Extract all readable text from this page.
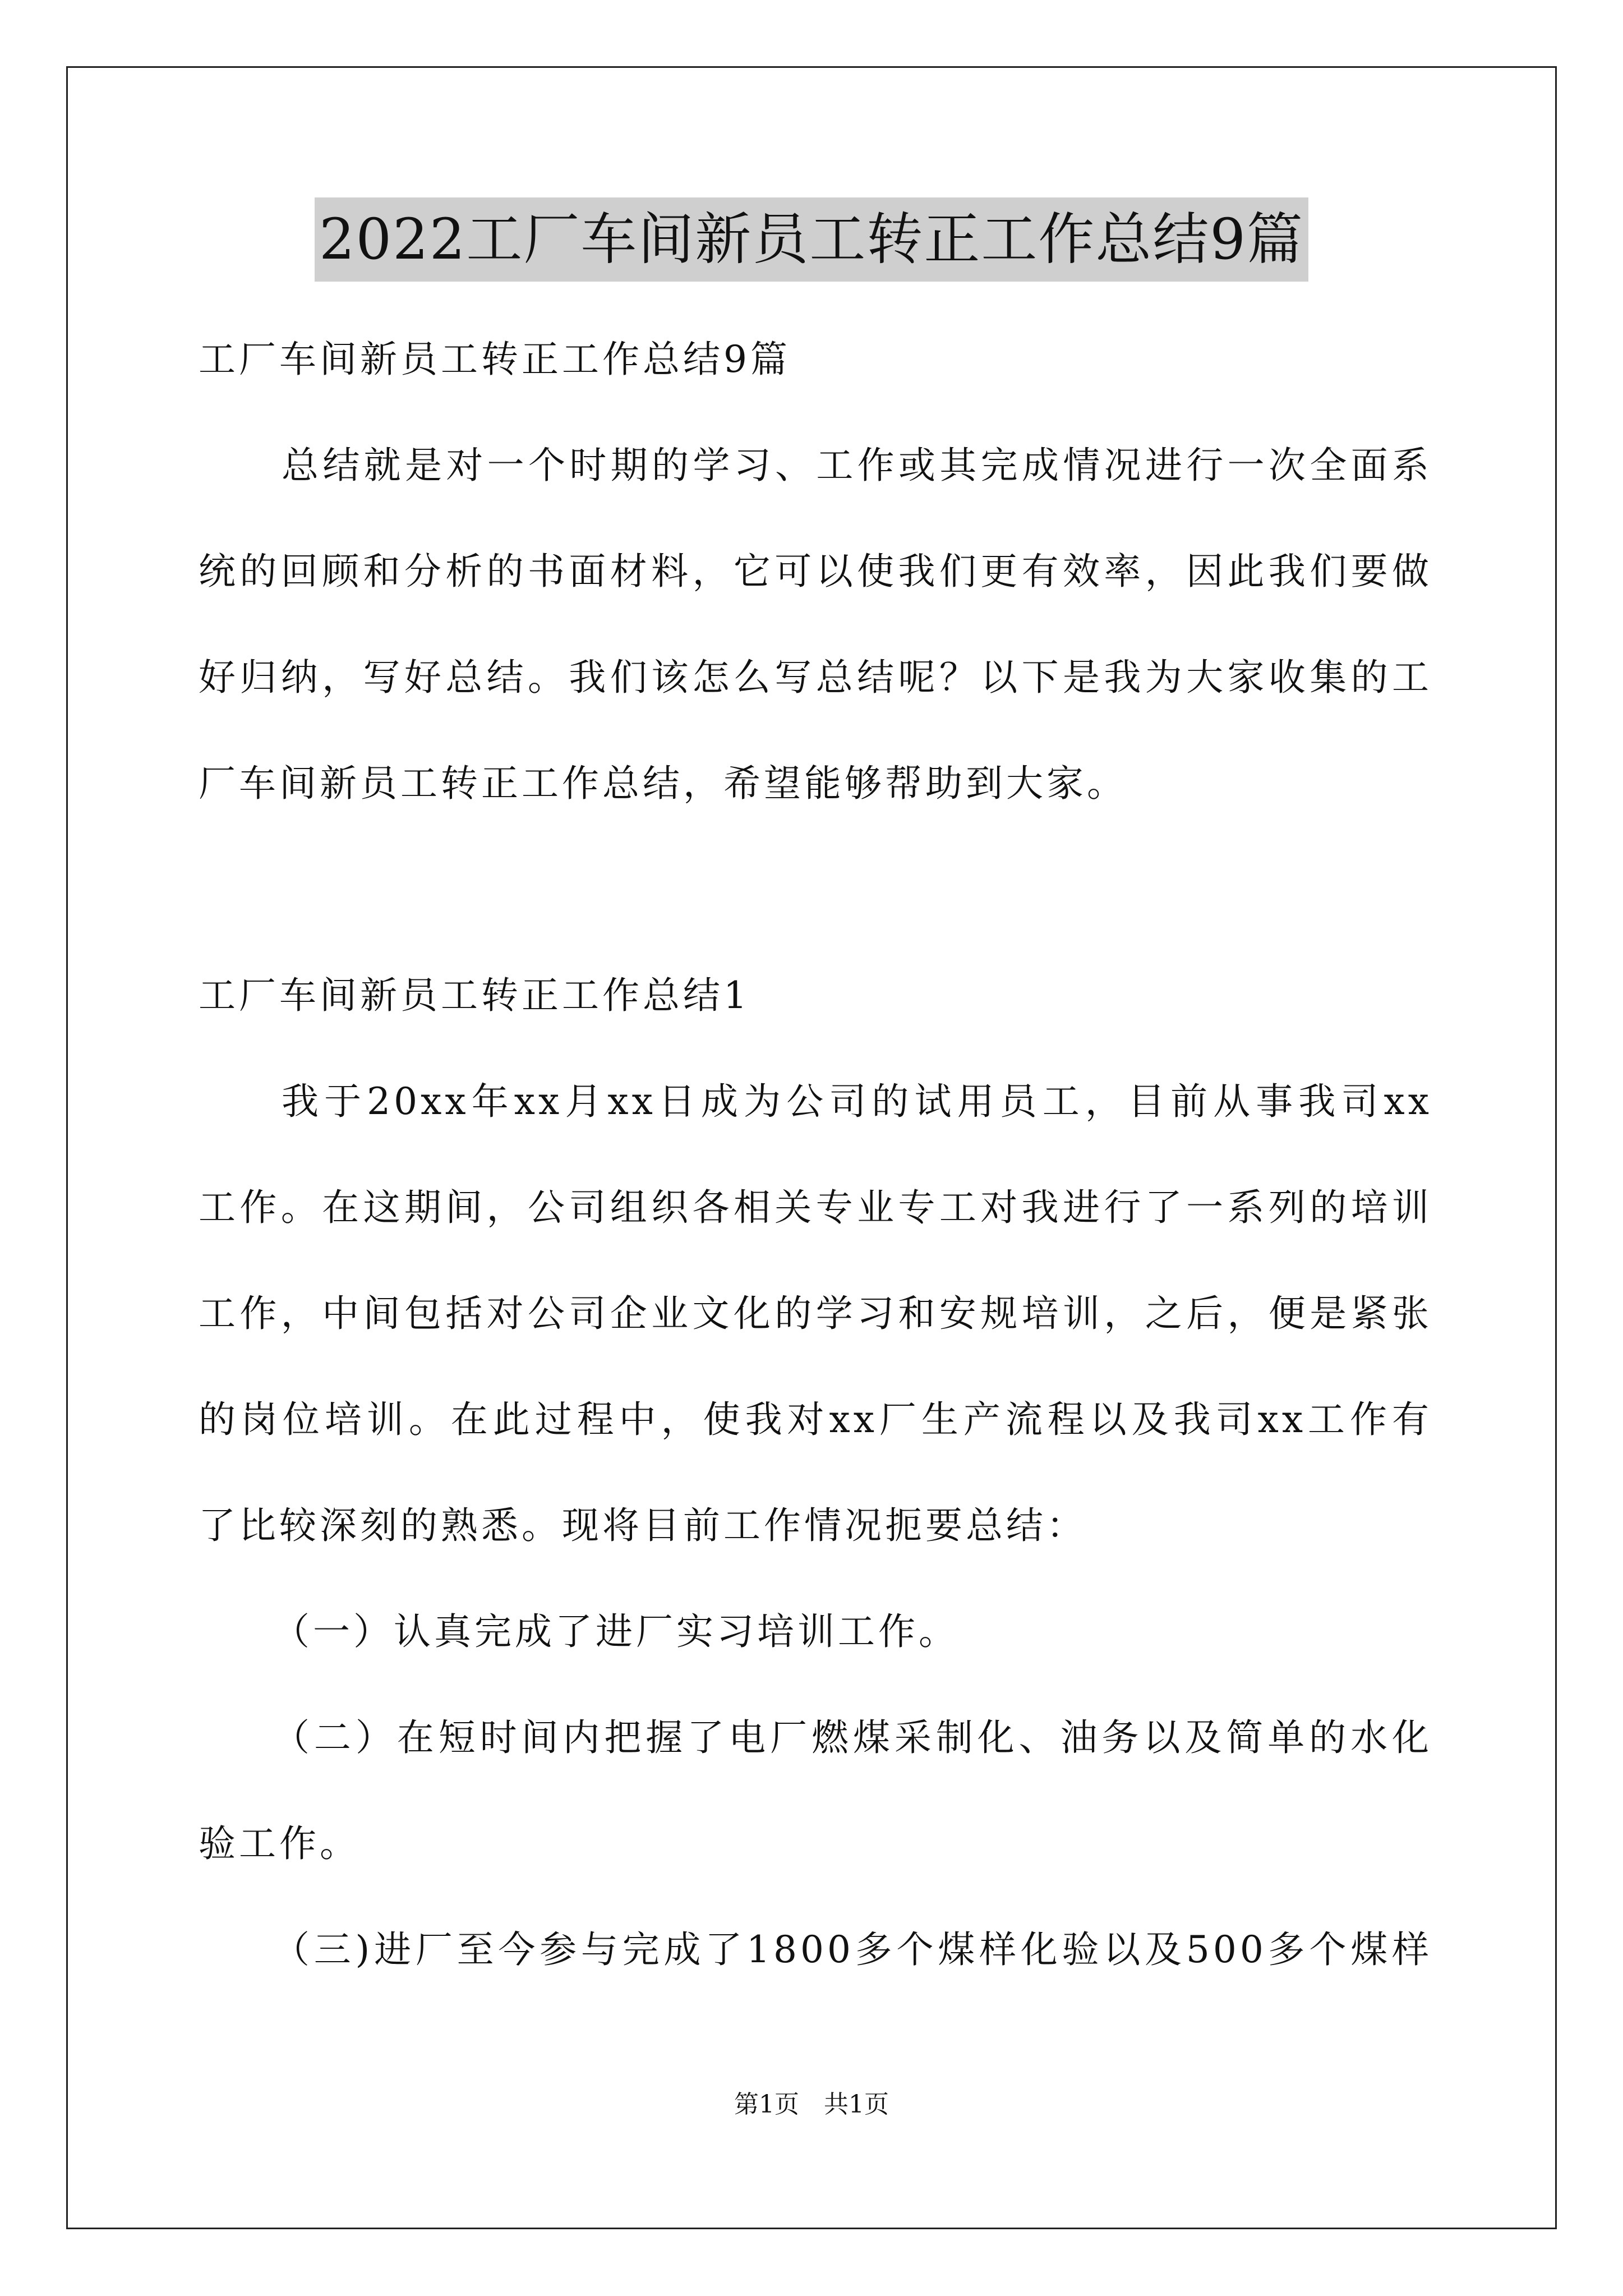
2022工厂车间新员工转正工作总结9篇
工厂车间新员工转正工作总结9篇
总结就是对一个时期的学习、工作或其完成情况进行一次全面系
统的回顾和分析的书面材料，它可以使我们更有效率，因此我们要做
好归纳，写好总结。我们该怎么写总结呢？以下是我为大家收集的工
厂车间新员工转正工作总结，希望能够帮助到大家。
工厂车间新员工转正工作总结1
我于20xx年xx月xx日成为公司的试用员工，目前从事我司xx
工作。在这期间，公司组织各相关专业专工对我进行了一系列的培训
工作，中间包括对公司企业文化的学习和安规培训，之后，便是紧张
的岗位培训。在此过程中，使我对xx厂生产流程以及我司xx工作有
了比较深刻的熟悉。现将目前工作情况扼要总结：
（一）认真完成了进厂实习培训工作。
（二）在短时间内把握了电厂燃煤采制化、油务以及简单的水化
验工作。
（三)进厂至今参与完成了1800多个煤样化验以及500多个煤样
第1页　共1页
